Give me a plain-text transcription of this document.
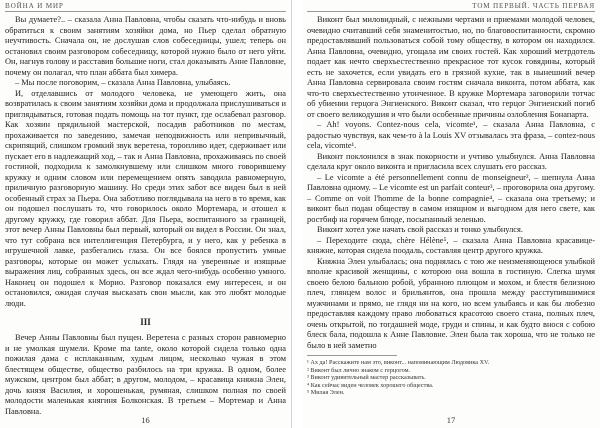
ВОЙНА И МИР

Вы думаете?.. – сказала Анна Павловна, чтобы сказать что-нибудь и вновь обратиться к своим занятиям хозяйки дома, но Пьер сделал обратную неучтивость. Сначала он, не дослушав слов собеседницы, ушел; теперь он остановил своим разговором собеседницу, которой нужно было от него уйти. Он, нагнув голову и расставив большие ноги, стал доказывать Анне Павловне, почему он полагал, что план аббата был химера.

– Мы после поговорим, – сказала Анна Павловна, улыбаясь.

И, отделавшись от молодого человека, не умеющего жить, она возвратилась к своим занятиям хозяйки дома и продолжала прислушиваться и приглядываться, готовая подать помощь на тот пункт, где ослабевал разговор. Как хозяин прядильной мастерской, посадив работников по местам, прохаживается по заведению, замечая неподвижность или непривычный, скрипящий, слишком громкий звук веретена, торопливо идет, сдерживает или пускает его в надлежащий ход, – так и Анна Павловна, прохаживаясь по своей гостиной, подходила к замолкнувшему или слишком много говорившему кружку и одним словом или перемещением опять заводила равномерную, приличную разговорную машину. Но среди этих забот все виден был в ней особенный страх за Пьера. Она заботливо поглядывала на него в то время, как он подошел послушать то, что говорилось около Мортемара, и отошел к другому кружку, где говорил аббат. Для Пьера, воспитанного за границей, этот вечер Анны Павловны был первый, который он видел в России. Он знал, что тут собрана вся интеллигенция Петербурга, и у него, как у ребенка в игрушечной лавке, разбегались глаза. Он все боялся пропустить умные разговоры, которые он может услыхать. Глядя на уверенные и изящные выражения лиц, собранных здесь, он все ждал чего-нибудь особенно умного. Наконец он подошел к Морио. Разговор показался ему интересен, и он остановился, ожидая случая высказать свои мысли, как это любят молодые люди.

III

Вечер Анны Павловны был пущен. Веретена с разных сторон равномерно и не умолкая шумели. Кроме ma tante, около которой сидела только одна пожилая дама с исплаканным, худым лицом, несколько чужая в этом блестящем обществе, общество разбилось на три кружка. В одном, более мужском, центром был аббат; в другом, молодом, – красавица княжна Элен, дочь князя Василия, и хорошенькая, румяная, слишком полная по своей молодости маленькая княгиня Болконская. В третьем – Мортемар и Анна Павловна.

16
ТОМ ПЕРВЫЙ. ЧАСТЬ ПЕРВАЯ

Виконт был миловидный, с нежными чертами и приемами молодой человек, очевидно считавший себя знаменитостью, но, по благовоспитанности, скромно предоставлявший пользоваться собой тому обществу, в котором он находился. Анна Павловна, очевидно, угощала им своих гостей. Как хороший метрдотель подает как нечто сверхъестественно прекрасное тот кусок говядины, который есть не захочется, если увидать его в грязной кухне, так в нынешний вечер Анна Павловна сервировала своим гостям сначала виконта, потом аббата, как что-то сверхъестественно утонченное. В кружке Мортемара заговорили тотчас об убиении герцога Энгиенского. Виконт сказал, что герцог Энгиенский погиб от своего великодушия и что были особенные причины озлобления Бонапарта.

– Ah! voyons. Contez-nous cela, vicomte¹, – сказала Анна Павловна, с радостью чувствуя, как чем-то à la Louis XV отзывалась эта фраза, – contez-nous cela, vicomte¹.

Виконт поклонился в знак покорности и учтиво улыбнулся. Анна Павловна сделала круг около виконта и пригласила всех слушать его рассказ.

– Le vicomte a été personnellement connu de monseigneur², – шепнула Анна Павловна одному. – Le vicomte est un parfait conteur³, – проговорила она другому. – Comme on voit l'homme de la bonne compagnie⁴, – сказала она третьему; и виконт был подан обществу в самом изящном и выгодном для него свете, как ростбиф на горячем блюде, посыпанный зеленью.

Виконт хотел уже начать свой рассказ и тонко улыбнулся.

– Переходите сюда, chère Hélène⁵, – сказала Анна Павловна красавице-княжне, которая сидела поодаль, составляя центр другого кружка.

Княжна Элен улыбалась; она поднялась с тою же неизменяющеюся улыбкой вполне красивой женщины, с которою она вошла в гостиную. Слегка шумя своею белою бальною робой, убранною плющом и мохом, и блестя белизною плеч, глянцем волос и брильянтов, она прошла между расступившимися мужчинами и прямо, не глядя ни на кого, но всем улыбаясь и как бы любезно предоставляя каждому право любоваться красотою своего стана, полных плеч, очень открытой, по тогдашней моде, груди и спины, и как будто внося с собою блеск бала, подошла к Анне Павловне. Элен была так хороша, что не только не было в ней заметно

¹ Ах да! Расскажите нам это, виконт... напоминающим Людовика XV.

² Виконт был лично знаком с герцогом.

³ Виконт удивительный мастер рассказывать.

⁴ Как сейчас виден человек хорошего общества.

⁵ Милая Элен.

17
